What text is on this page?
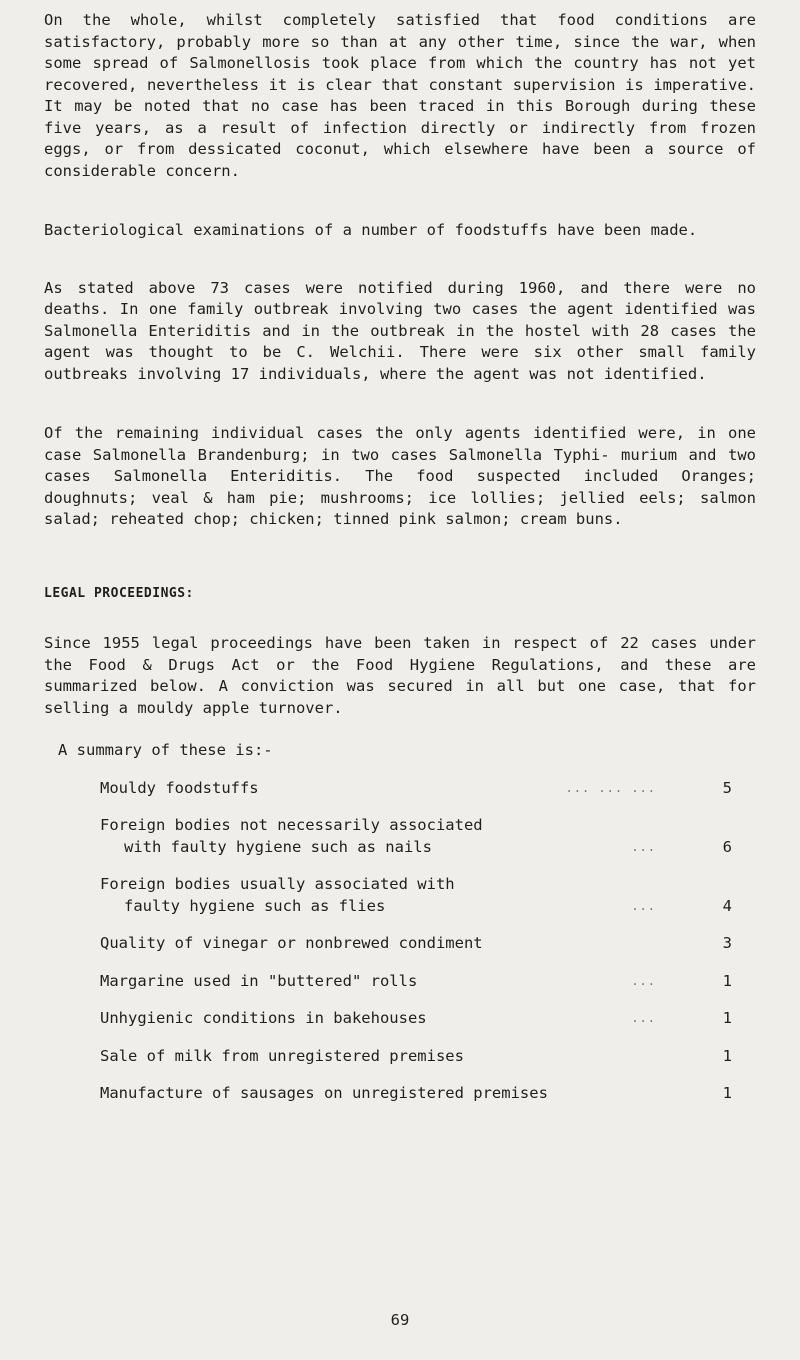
On the whole, whilst completely satisfied that food conditions are satisfactory, probably more so than at any other time, since the war, when some spread of Salmonellosis took place from which the country has not yet recovered, nevertheless it is clear that constant supervision is imperative. It may be noted that no case has been traced in this Borough during these five years, as a result of infection directly or indirectly from frozen eggs, or from dessicated coconut, which elsewhere have been a source of considerable concern.

Bacteriological examinations of a number of foodstuffs have been made.

As stated above 73 cases were notified during 1960, and there were no deaths. In one family outbreak involving two cases the agent identified was Salmonella Enteriditis and in the outbreak in the hostel with 28 cases the agent was thought to be C. Welchii. There were six other small family outbreaks involving 17 individuals, where the agent was not identified.

Of the remaining individual cases the only agents identified were, in one case Salmonella Brandenburg; in two cases Salmonella Typhi- murium and two cases Salmonella Enteriditis. The food suspected included Oranges; doughnuts; veal & ham pie; mushrooms; ice lollies; jellied eels; salmon salad; reheated chop; chicken; tinned pink salmon; cream buns.

LEGAL PROCEEDINGS:

Since 1955 legal proceedings have been taken in respect of 22 cases under the Food & Drugs Act or the Food Hygiene Regulations, and these are summarized below. A conviction was secured in all but one case, that for selling a mouldy apple turnover.

A summary of these is:-

Mouldy foodstuffs	... ... ...	5
Foreign bodies not necessarily associated
with faulty hygiene such as nails	...	6
Foreign bodies usually associated with
faulty hygiene such as flies	...	4
Quality of vinegar or nonbrewed condiment	3
Margarine used in "buttered" rolls	...	1
Unhygienic conditions in bakehouses	...	1
Sale of milk from unregistered premises	1
Manufacture of sausages on unregistered premises	1
69
